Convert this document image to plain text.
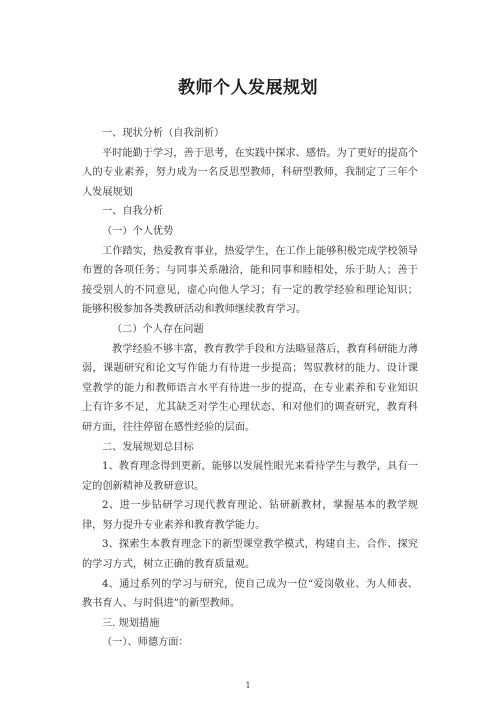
教师个人发展规划

一、现状分析（自我剖析）

平时能勤于学习，善于思考，在实践中探求、感悟。为了更好的提高个人的专业素养，努力成为一名反思型教师，科研型教师，我制定了三年个人发展规划

一、自我分析

（一）个人优势

工作踏实，热爱教育事业，热爱学生，在工作上能够积极完成学校领导布置的各项任务；与同事关系融洽，能和同事和睦相处，乐于助人；善于接受别人的不同意见，虚心向他人学习；有一定的教学经验和理论知识；能够积极参加各类教研活动和教师继续教育学习。

（二）个人存在问题

教学经验不够丰富，教育教学手段和方法略显落后，教育科研能力薄弱，课题研究和论文写作能力有待进一步提高；驾驭教材的能力、设计课堂教学的能力和教师语言水平有待进一步的提高，在专业素养和专业知识上有许多不足，尤其缺乏对学生心理状态、和对他们的调查研究，教育科研方面，往往停留在感性经验的层面。

二、发展规划总目标

1、教育理念得到更新，能够以发展性眼光来看待学生与教学，具有一定的创新精神及教研意识。

2、进一步钻研学习现代教育理论、钻研新教材，掌握基本的教学规律，努力提升专业素养和教育教学能力。

3、探索生本教育理念下的新型课堂教学模式，构建自主、合作、探究的学习方式，树立正确的教育质量观。

4、通过系列的学习与研究，使自己成为一位“爱岗敬业、为人师表、教书育人、与时俱进”的新型教师。

三. 规划措施

（一）、师德方面：

1
